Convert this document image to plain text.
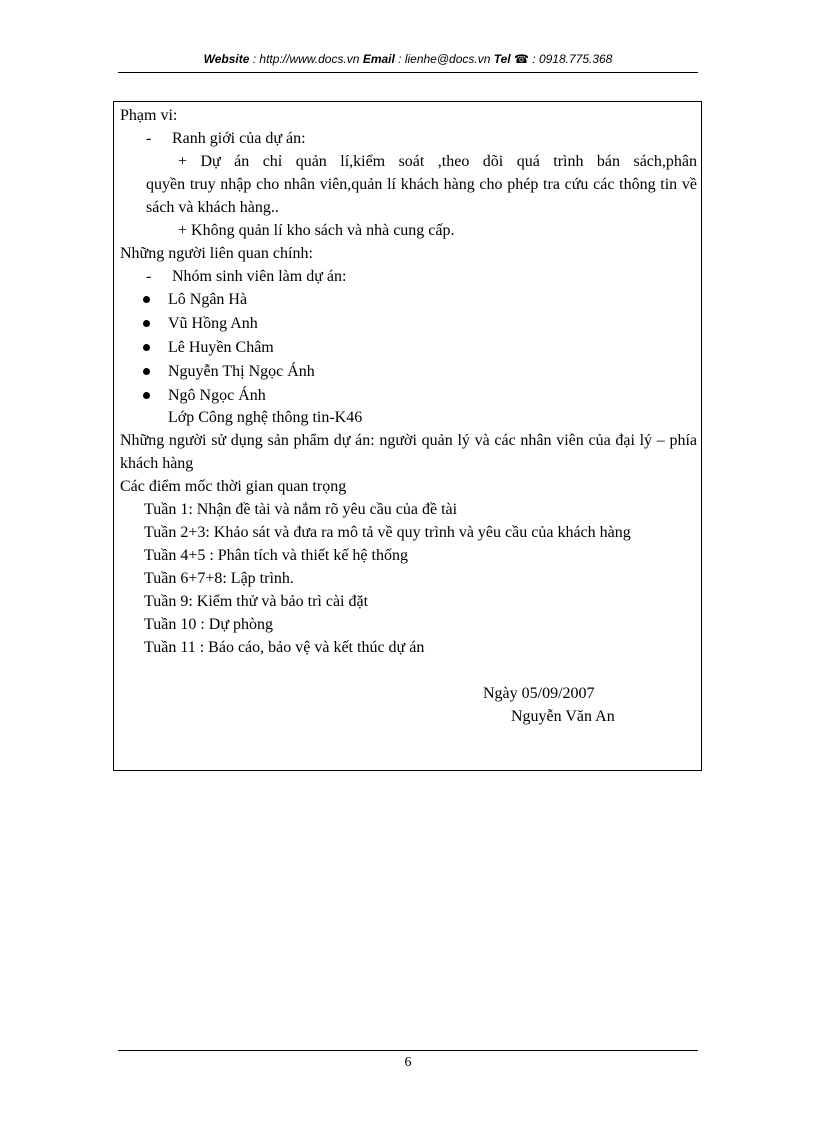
Website : http://www.docs.vn Email : lienhe@docs.vn Tel ☎ : 0918.775.368
Phạm vi:
- Ranh giới của dự án:
+ Dự án chỉ quản lí,kiểm soát ,theo dõi quá trình bán sách,phân
quyền truy nhập cho nhân viên,quản lí khách hàng cho phép tra cứu các thông tin về sách và khách hàng..
+ Không quản lí kho sách và nhà cung cấp.
Những người liên quan chính:
- Nhóm sinh viên làm dự án:
Lô Ngân Hà
Vũ Hồng Anh
Lê Huyền Châm
Nguyễn Thị Ngọc Ánh
Ngô Ngọc Ánh
Lớp Công nghệ thông tin-K46
Những người sử dụng sản phẩm dự án: người quản lý và các nhân viên của đại lý – phía khách hàng
Các điểm mốc thời gian quan trọng
Tuần 1: Nhận đề tài và nắm rõ yêu cầu của đề tài
Tuần 2+3: Khảo sát và đưa ra mô tả về quy trình và yêu cầu của khách hàng
Tuần 4+5 : Phân tích và thiết kế hệ thống
Tuần 6+7+8: Lập trình.
Tuần 9: Kiểm thử và bảo trì cài đặt
Tuần 10 : Dự phòng
Tuần 11 : Báo cáo, bảo vệ và kết thúc dự án
Ngày 05/09/2007
Nguyễn Văn An
6
